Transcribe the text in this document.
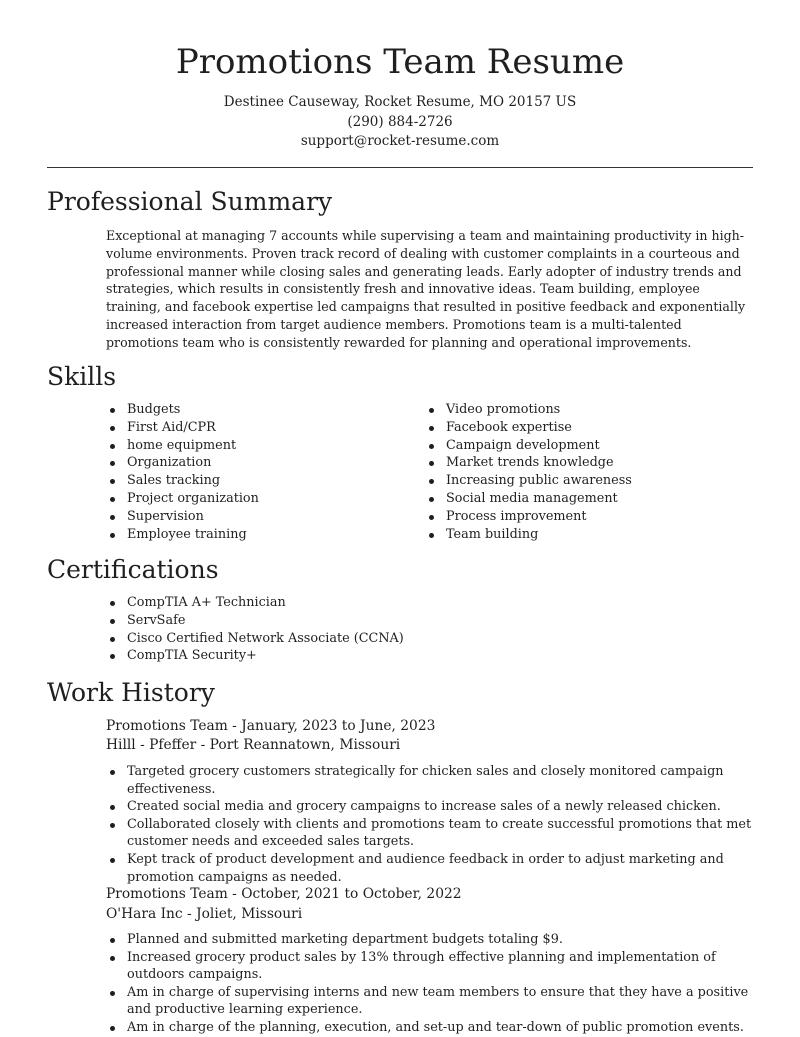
Promotions Team Resume
Destinee Causeway, Rocket Resume, MO 20157 US
(290) 884-2726
support@rocket-resume.com
Professional Summary
Exceptional at managing 7 accounts while supervising a team and maintaining productivity in high-volume environments. Proven track record of dealing with customer complaints in a courteous and professional manner while closing sales and generating leads. Early adopter of industry trends and strategies, which results in consistently fresh and innovative ideas. Team building, employee training, and facebook expertise led campaigns that resulted in positive feedback and exponentially increased interaction from target audience members. Promotions team is a multi-talented promotions team who is consistently rewarded for planning and operational improvements.
Skills
Budgets
First Aid/CPR
home equipment
Organization
Sales tracking
Project organization
Supervision
Employee training
Video promotions
Facebook expertise
Campaign development
Market trends knowledge
Increasing public awareness
Social media management
Process improvement
Team building
Certifications
CompTIA A+ Technician
ServSafe
Cisco Certified Network Associate (CCNA)
CompTIA Security+
Work History
Promotions Team - January, 2023 to June, 2023
Hilll - Pfeffer - Port Reannatown, Missouri
Targeted grocery customers strategically for chicken sales and closely monitored campaign effectiveness.
Created social media and grocery campaigns to increase sales of a newly released chicken.
Collaborated closely with clients and promotions team to create successful promotions that met customer needs and exceeded sales targets.
Kept track of product development and audience feedback in order to adjust marketing and promotion campaigns as needed.
Promotions Team - October, 2021 to October, 2022
O'Hara Inc - Joliet, Missouri
Planned and submitted marketing department budgets totaling $9.
Increased grocery product sales by 13% through effective planning and implementation of outdoors campaigns.
Am in charge of supervising interns and new team members to ensure that they have a positive and productive learning experience.
Am in charge of the planning, execution, and set-up and tear-down of public promotion events.
